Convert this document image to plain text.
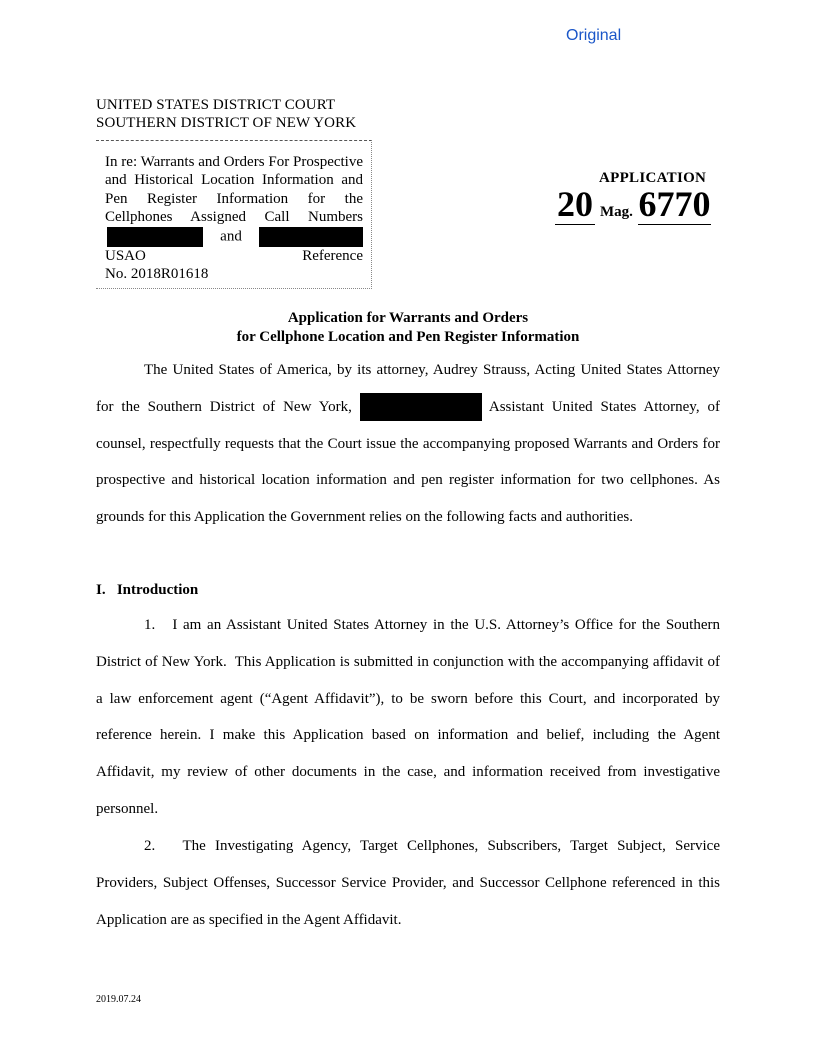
Original
UNITED STATES DISTRICT COURT
SOUTHERN DISTRICT OF NEW YORK
In re: Warrants and Orders For Prospective and Historical Location Information and Pen Register Information for the Cellphones Assigned Call Numbers  and  USAO Reference
No. 2018R01618
APPLICATION
20 Mag. 6770
Application for Warrants and Orders
for Cellphone Location and Pen Register Information
The United States of America, by its attorney, Audrey Strauss, Acting United States Attorney for the Southern District of New York,	Assistant United States Attorney, of counsel, respectfully requests that the Court issue the accompanying proposed Warrants and Orders for prospective and historical location information and pen register information for two cellphones. As grounds for this Application the Government relies on the following facts and authorities.
I.   Introduction
1.   I am an Assistant United States Attorney in the U.S. Attorney’s Office for the Southern District of New York.  This Application is submitted in conjunction with the accompanying affidavit of a law enforcement agent (“Agent Affidavit”), to be sworn before this Court, and incorporated by reference herein. I make this Application based on information and belief, including the Agent Affidavit, my review of other documents in the case, and information received from investigative personnel.
2.   The Investigating Agency, Target Cellphones, Subscribers, Target Subject, Service Providers, Subject Offenses, Successor Service Provider, and Successor Cellphone referenced in this Application are as specified in the Agent Affidavit.
2019.07.24
